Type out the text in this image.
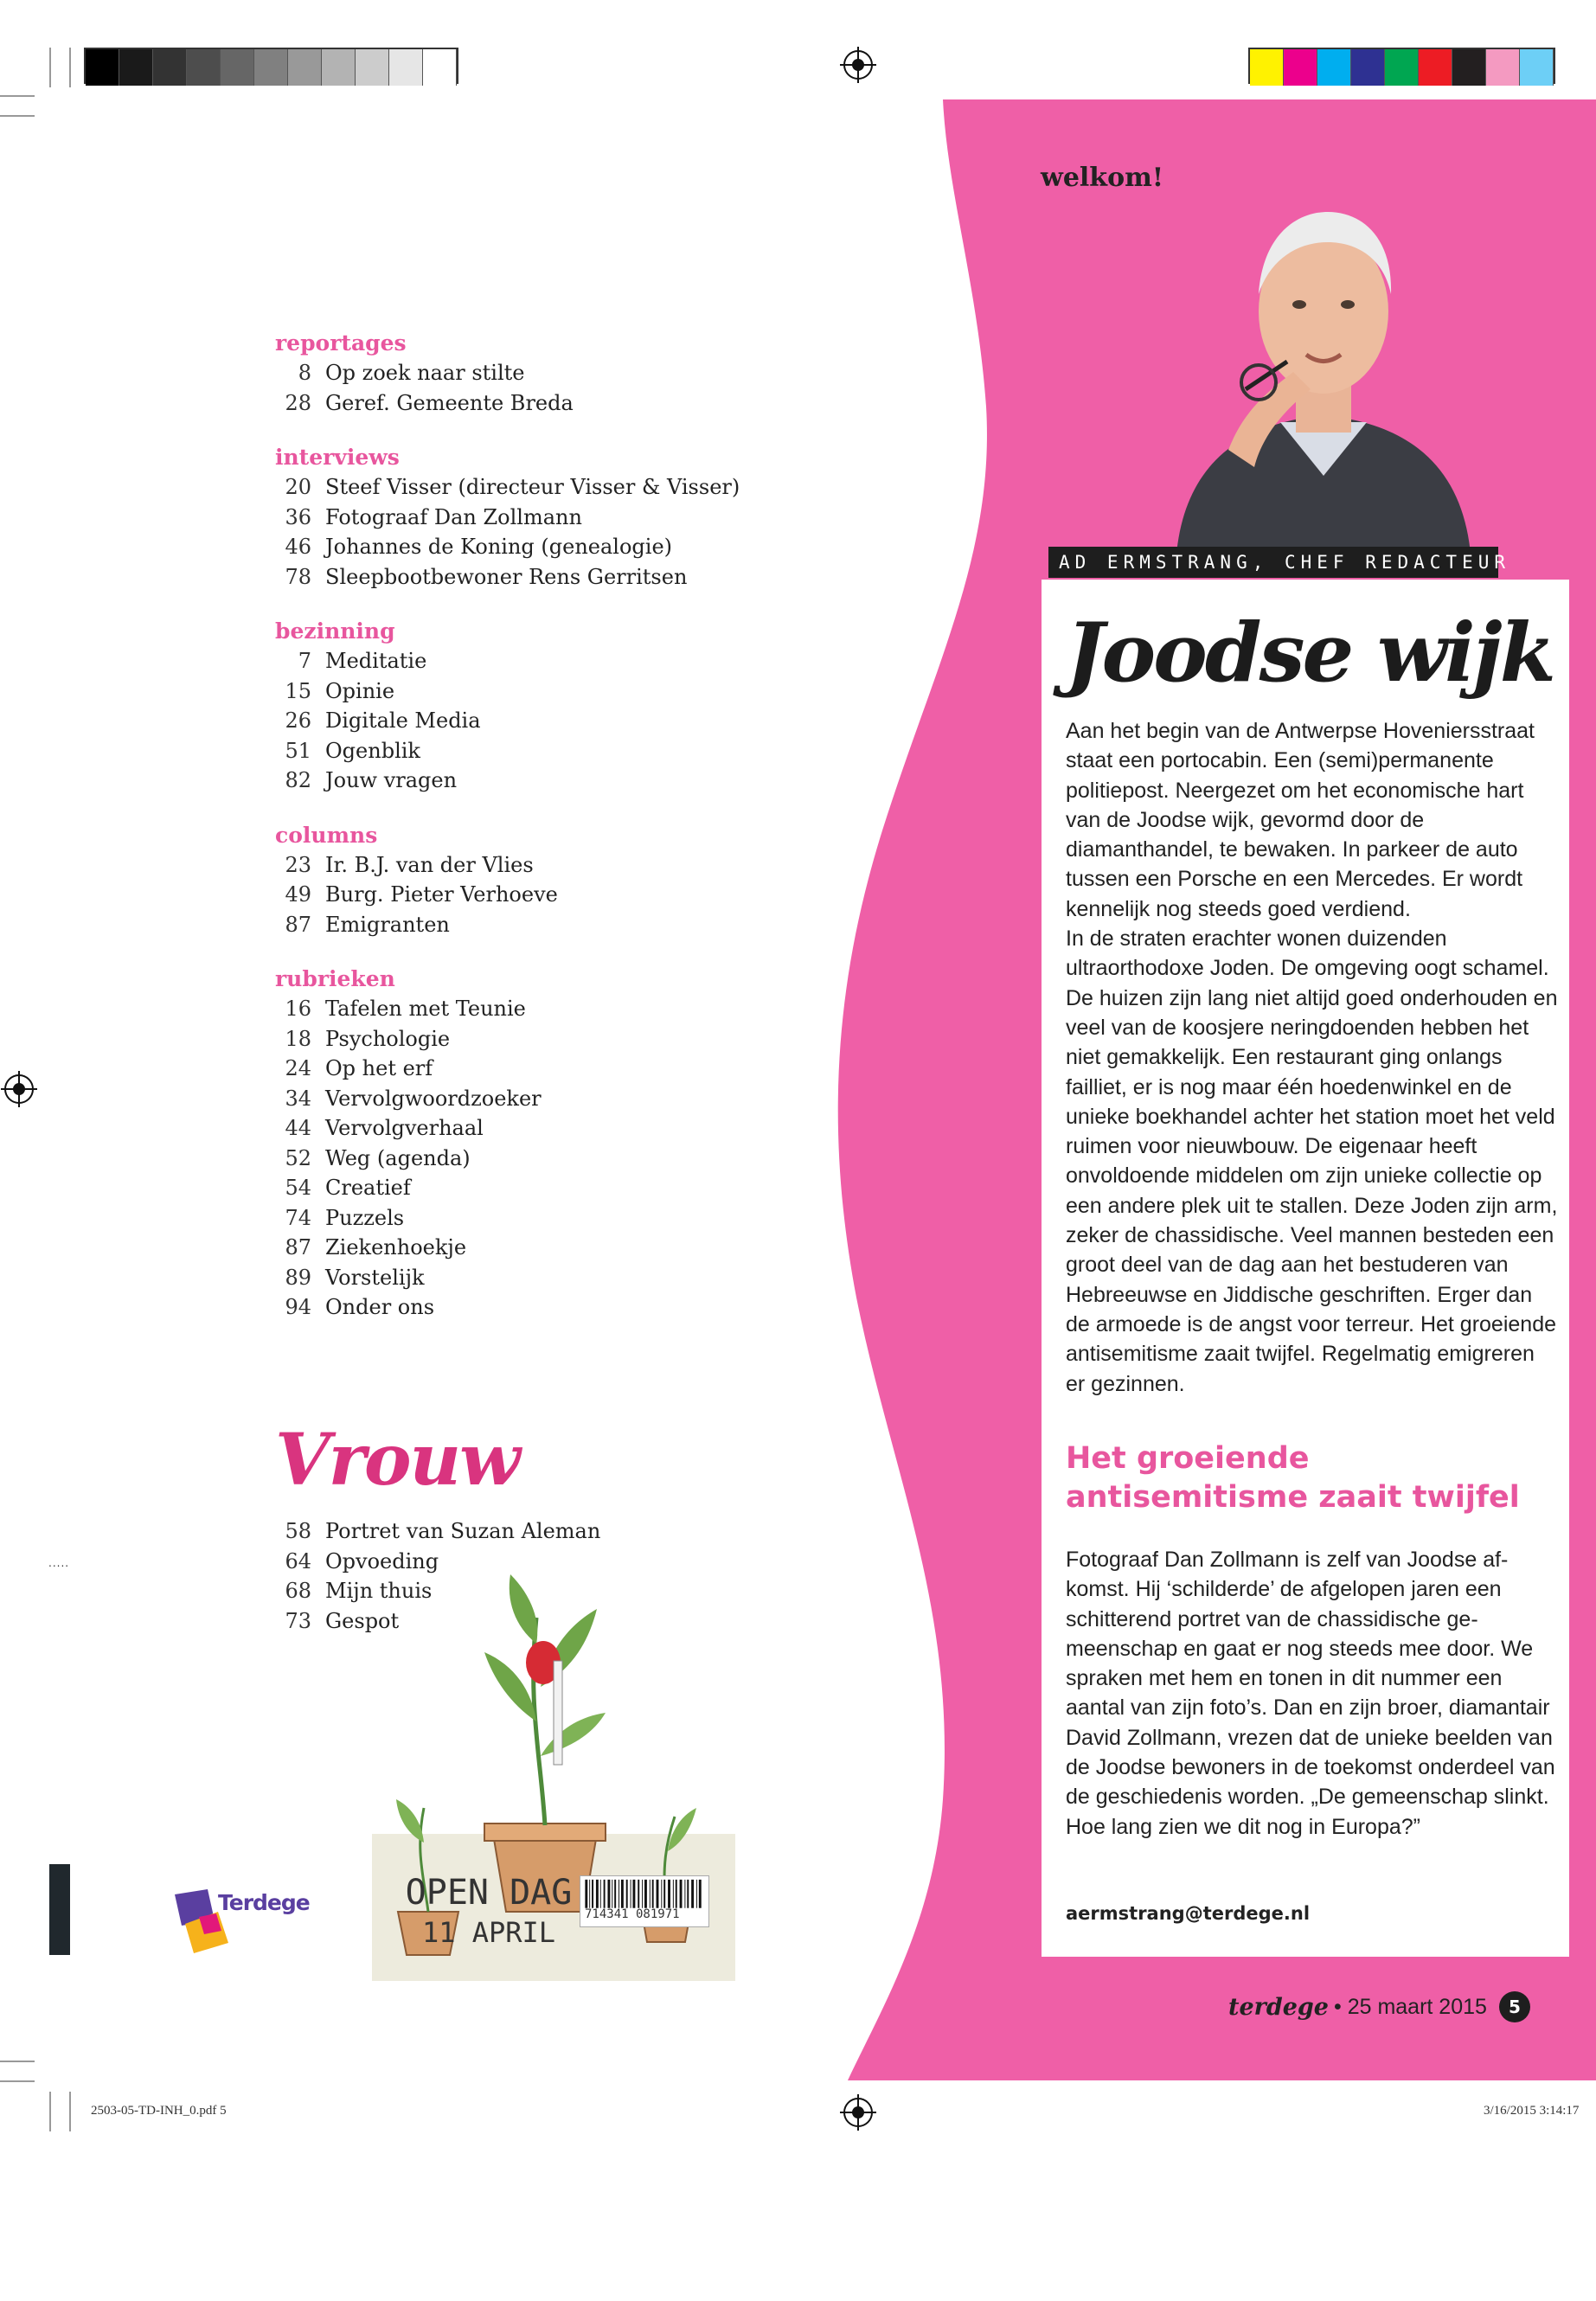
reportages
8 Op zoek naar stilte
28 Geref. Gemeente Breda
interviews
20 Steef Visser (directeur Visser & Visser)
36 Fotograaf Dan Zollmann
46 Johannes de Koning (genealogie)
78 Sleepbootbewoner Rens Gerritsen
bezinning
7 Meditatie
15 Opinie
26 Digitale Media
51 Ogenblik
82 Jouw vragen
columns
23 Ir. B.J. van der Vlies
49 Burg. Pieter Verhoeve
87 Emigranten
rubrieken
16 Tafelen met Teunie
18 Psychologie
24 Op het erf
34 Vervolgwoordzoeker
44 Vervolgverhaal
52 Weg (agenda)
54 Creatief
74 Puzzels
87 Ziekenhoekje
89 Vorstelijk
94 Onder ons
Vrouw
58 Portret van Suzan Aleman
64 Opvoeding
68 Mijn thuis
73 Gespot
OPEN DAG
11 APRIL
714341 081971
Terdege
welkom!
AD ERMSTRANG, CHEF REDACTEUR
Joodse wijk

Aan het begin van de Antwerpse Hoveniersstraat staat een portocabin. Een (semi)permanente politiepost. Neergezet om het economische hart van de Joodse wijk, gevormd door de diamanthandel, te bewaken. In parkeer de auto tussen een Porsche en een Mercedes. Er wordt kennelijk nog steeds goed verdiend.

In de straten erachter wonen duizenden ultraorthodoxe Joden. De omgeving oogt schamel. De huizen zijn lang niet altijd goed onderhouden en veel van de koosjere neringdoenden hebben het niet gemakkelijk. Een restaurant ging onlangs failliet, er is nog maar één hoedenwinkel en de unieke boekhandel achter het station moet het veld ruimen voor nieuwbouw. De eigenaar heeft onvoldoende middelen om zijn unieke collectie op een andere plek uit te stallen. Deze Joden zijn arm, zeker de chassidische. Veel mannen besteden een groot deel van de dag aan het bestuderen van Hebreeuwse en Jiddische geschriften. Erger dan de armoede is de angst voor terreur. Het groeiende antisemitisme zaait twijfel. Regelmatig emigreren er gezinnen.

Het groeiende antisemitisme zaait twijfel
Fotograaf Dan Zollmann is zelf van Joodse afkomst. Hij ‘schilderde’ de afgelopen jaren een schitterend portret van de chassidische gemeenschap en gaat er nog steeds mee door. We spraken met hem en tonen in dit nummer een aantal van zijn foto’s. Dan en zijn broer, diamantair David Zollmann, vrezen dat de unieke beelden van de Joodse bewoners in de toekomst onderdeel van de geschiedenis worden. „De gemeenschap slinkt. Hoe lang zien we dit nog in Europa?”
aermstrang@terdege.nl
terdege • 25 maart 2015	5
2503-05-TD-INH_0.pdf 5	3/16/2015 3:14:17
.....
